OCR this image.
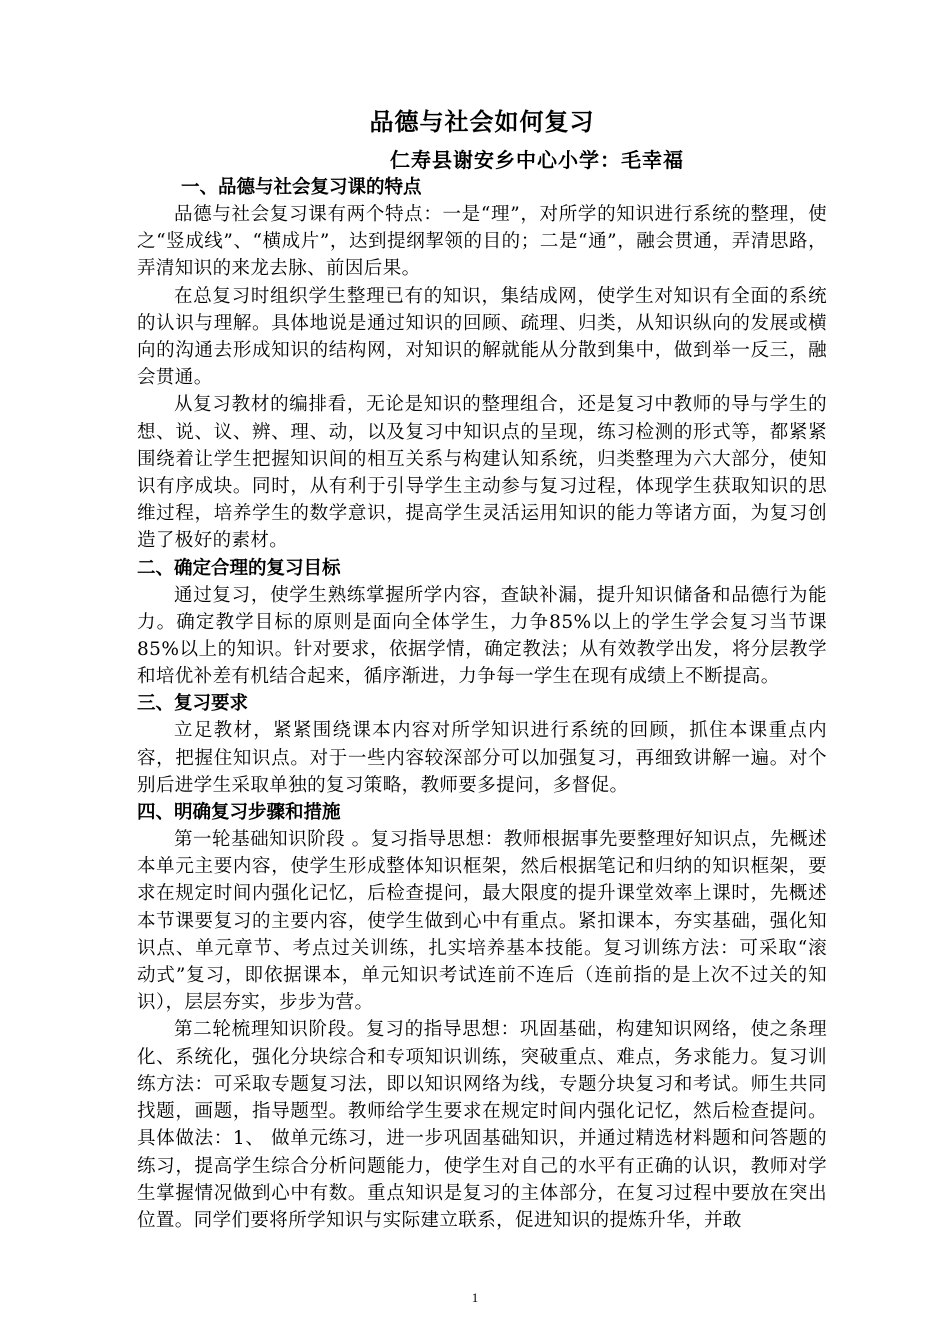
品德与社会如何复习
仁寿县谢安乡中心小学：毛幸福
一、品德与社会复习课的特点

品德与社会复习课有两个特点：一是“理”，对所学的知识进行系统的整理，使之“竖成线”、“横成片”，达到提纲挈领的目的；二是“通”，融会贯通，弄清思路，弄清知识的来龙去脉、前因后果。

在总复习时组织学生整理已有的知识，集结成网，使学生对知识有全面的系统的认识与理解。具体地说是通过知识的回顾、疏理、归类，从知识纵向的发展或横向的沟通去形成知识的结构网，对知识的解就能从分散到集中，做到举一反三，融会贯通。

从复习教材的编排看，无论是知识的整理组合，还是复习中教师的导与学生的想、说、议、辨、理、动，以及复习中知识点的呈现，练习检测的形式等，都紧紧围绕着让学生把握知识间的相互关系与构建认知系统，归类整理为六大部分，使知识有序成块。同时，从有利于引导学生主动参与复习过程，体现学生获取知识的思维过程，培养学生的数学意识，提高学生灵活运用知识的能力等诸方面，为复习创造了极好的素材。

二、确定合理的复习目标

通过复习，使学生熟练掌握所学内容，查缺补漏，提升知识储备和品德行为能力。确定教学目标的原则是面向全体学生，力争85%以上的学生学会复习当节课85%以上的知识。针对要求，依据学情，确定教法；从有效教学出发，将分层教学和培优补差有机结合起来，循序渐进，力争每一学生在现有成绩上不断提高。

三、复习要求

立足教材，紧紧围绕课本内容对所学知识进行系统的回顾，抓住本课重点内容，把握住知识点。对于一些内容较深部分可以加强复习，再细致讲解一遍。对个别后进学生采取单独的复习策略，教师要多提问，多督促。

四、明确复习步骤和措施

第一轮基础知识阶段 。复习指导思想：教师根据事先要整理好知识点，先概述本单元主要内容，使学生形成整体知识框架，然后根据笔记和归纳的知识框架，要求在规定时间内强化记忆，后检查提问，最大限度的提升课堂效率上课时，先概述本节课要复习的主要内容，使学生做到心中有重点。紧扣课本，夯实基础，强化知识点、单元章节、考点过关训练，扎实培养基本技能。复习训练方法：可采取“滚动式”复习，即依据课本，单元知识考试连前不连后（连前指的是上次不过关的知识），层层夯实，步步为营。

第二轮梳理知识阶段。复习的指导思想：巩固基础，构建知识网络，使之条理化、系统化，强化分块综合和专项知识训练，突破重点、难点，务求能力。复习训练方法：可采取专题复习法，即以知识网络为线，专题分块复习和考试。师生共同找题，画题，指导题型。教师给学生要求在规定时间内强化记忆，然后检查提问。具体做法：1、 做单元练习，进一步巩固基础知识，并通过精选材料题和问答题的练习，提高学生综合分析问题能力，使学生对自己的水平有正确的认识，教师对学生掌握情况做到心中有数。重点知识是复习的主体部分，在复习过程中要放在突出位置。同学们要将所学知识与实际建立联系，促进知识的提炼升华，并敢

1
